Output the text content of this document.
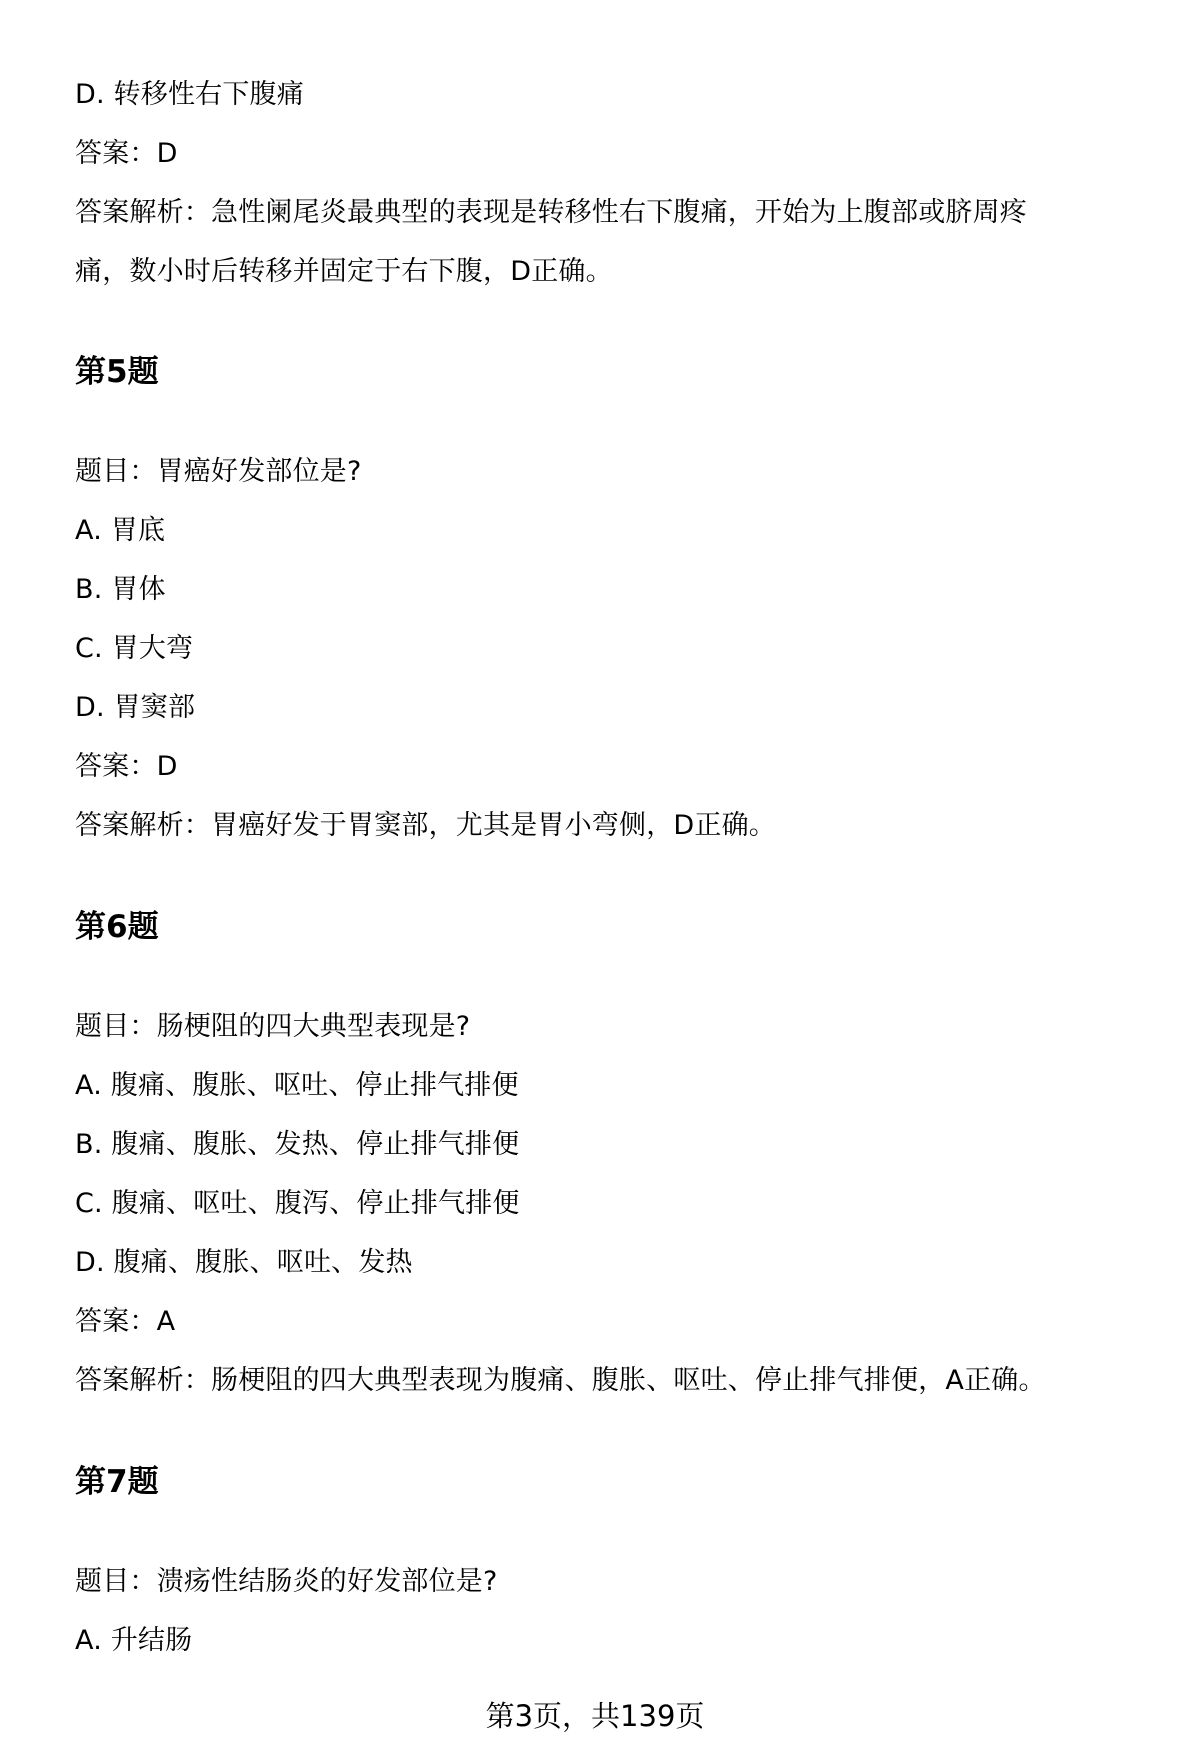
D. 转移性右下腹痛
答案：D
答案解析：急性阑尾炎最典型的表现是转移性右下腹痛，开始为上腹部或脐周疼
痛，数小时后转移并固定于右下腹，D正确。
第5题
题目：胃癌好发部位是?
A. 胃底
B. 胃体
C. 胃大弯
D. 胃窦部
答案：D
答案解析：胃癌好发于胃窦部，尤其是胃小弯侧，D正确。
第6题
题目：肠梗阻的四大典型表现是?
A. 腹痛、腹胀、呕吐、停止排气排便
B. 腹痛、腹胀、发热、停止排气排便
C. 腹痛、呕吐、腹泻、停止排气排便
D. 腹痛、腹胀、呕吐、发热
答案：A
答案解析：肠梗阻的四大典型表现为腹痛、腹胀、呕吐、停止排气排便，A正确。
第7题
题目：溃疡性结肠炎的好发部位是?
A. 升结肠
第3页，共139页
